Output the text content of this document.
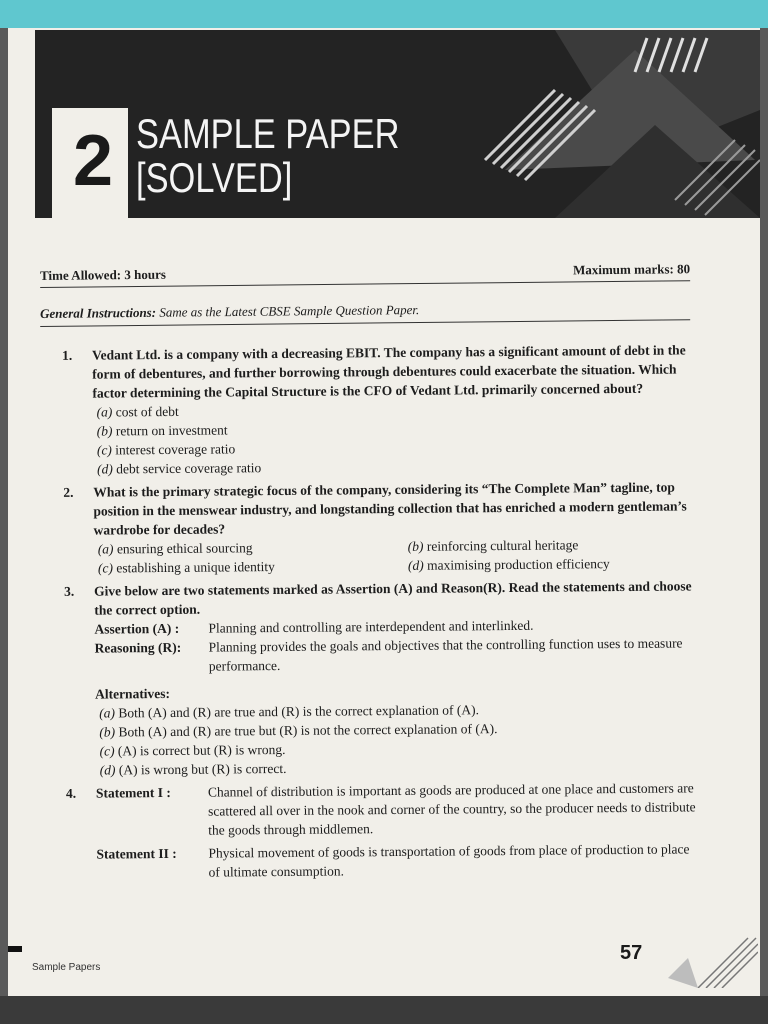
2 SAMPLE PAPER
[SOLVED]
Time Allowed: 3 hours	Maximum marks: 80
General Instructions: Same as the Latest CBSE Sample Question Paper.
1. Vedant Ltd. is a company with a decreasing EBIT. The company has a significant amount of debt in the form of debentures, and further borrowing through debentures could exacerbate the situation. Which factor determining the Capital Structure is the CFO of Vedant Ltd. primarily concerned about?
(a) cost of debt
(b) return on investment
(c) interest coverage ratio
(d) debt service coverage ratio
2. What is the primary strategic focus of the company, considering its “The Complete Man” tagline, top position in the menswear industry, and longstanding collection that has enriched a modern gentleman’s wardrobe for decades?
(a) ensuring ethical sourcing	(b) reinforcing cultural heritage
(c) establishing a unique identity	(d) maximising production efficiency
3. Give below are two statements marked as Assertion (A) and Reason(R). Read the statements and choose the correct option.
Assertion (A) :	Planning and controlling are interdependent and interlinked.
Reasoning (R):	Planning provides the goals and objectives that the controlling function uses to measure performance.
Alternatives:
(a) Both (A) and (R) are true and (R) is the correct explanation of (A).
(b) Both (A) and (R) are true but (R) is not the correct explanation of (A).
(c) (A) is correct but (R) is wrong.
(d) (A) is wrong but (R) is correct.
4. Statement I :	Channel of distribution is important as goods are produced at one place and customers are scattered all over in the nook and corner of the country, so the producer needs to distribute the goods through middlemen.
Statement II :	Physical movement of goods is transportation of goods from place of production to place of ultimate consumption.
57
Sample Papers
